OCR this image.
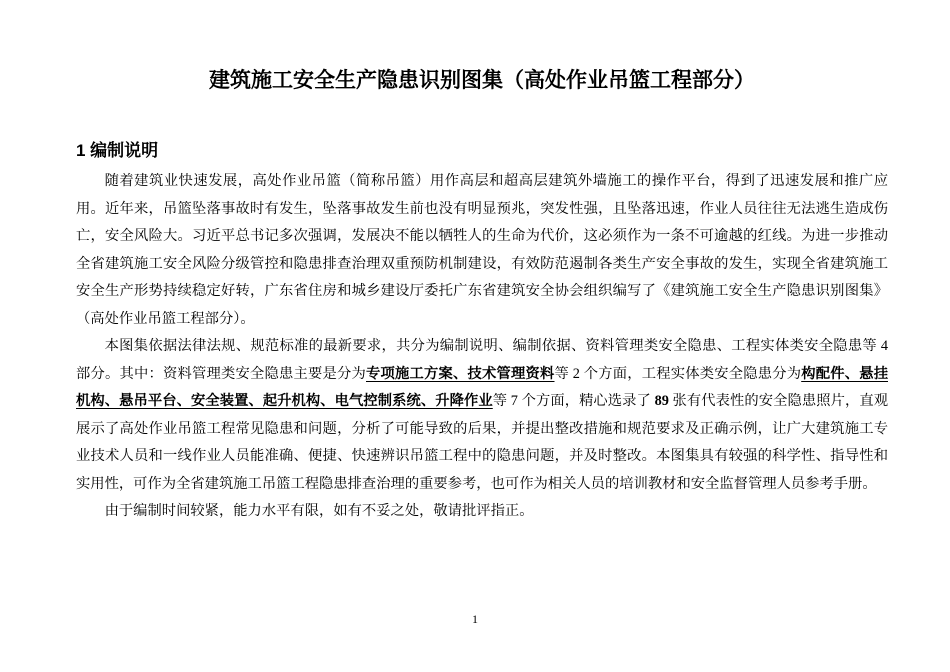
建筑施工安全生产隐患识别图集（高处作业吊篮工程部分）
1 编制说明

随着建筑业快速发展，高处作业吊篮（简称吊篮）用作高层和超高层建筑外墙施工的操作平台，得到了迅速发展和推广应用。近年来，吊篮坠落事故时有发生，坠落事故发生前也没有明显预兆，突发性强，且坠落迅速，作业人员往往无法逃生造成伤亡，安全风险大。习近平总书记多次强调，发展决不能以牺牲人的生命为代价，这必须作为一条不可逾越的红线。为进一步推动全省建筑施工安全风险分级管控和隐患排查治理双重预防机制建设，有效防范遏制各类生产安全事故的发生，实现全省建筑施工安全生产形势持续稳定好转，广东省住房和城乡建设厅委托广东省建筑安全协会组织编写了《建筑施工安全生产隐患识别图集》（高处作业吊篮工程部分）。

本图集依据法律法规、规范标准的最新要求，共分为编制说明、编制依据、资料管理类安全隐患、工程实体类安全隐患等 4 部分。其中：资料管理类安全隐患主要是分为专项施工方案、技术管理资料等 2 个方面，工程实体类安全隐患分为构配件、悬挂机构、悬吊平台、安全装置、起升机构、电气控制系统、升降作业等 7 个方面，精心选录了 89 张有代表性的安全隐患照片，直观展示了高处作业吊篮工程常见隐患和问题，分析了可能导致的后果，并提出整改措施和规范要求及正确示例，让广大建筑施工专业技术人员和一线作业人员能准确、便捷、快速辨识吊篮工程中的隐患问题，并及时整改。本图集具有较强的科学性、指导性和实用性，可作为全省建筑施工吊篮工程隐患排查治理的重要参考，也可作为相关人员的培训教材和安全监督管理人员参考手册。

由于编制时间较紧，能力水平有限，如有不妥之处，敬请批评指正。

1
